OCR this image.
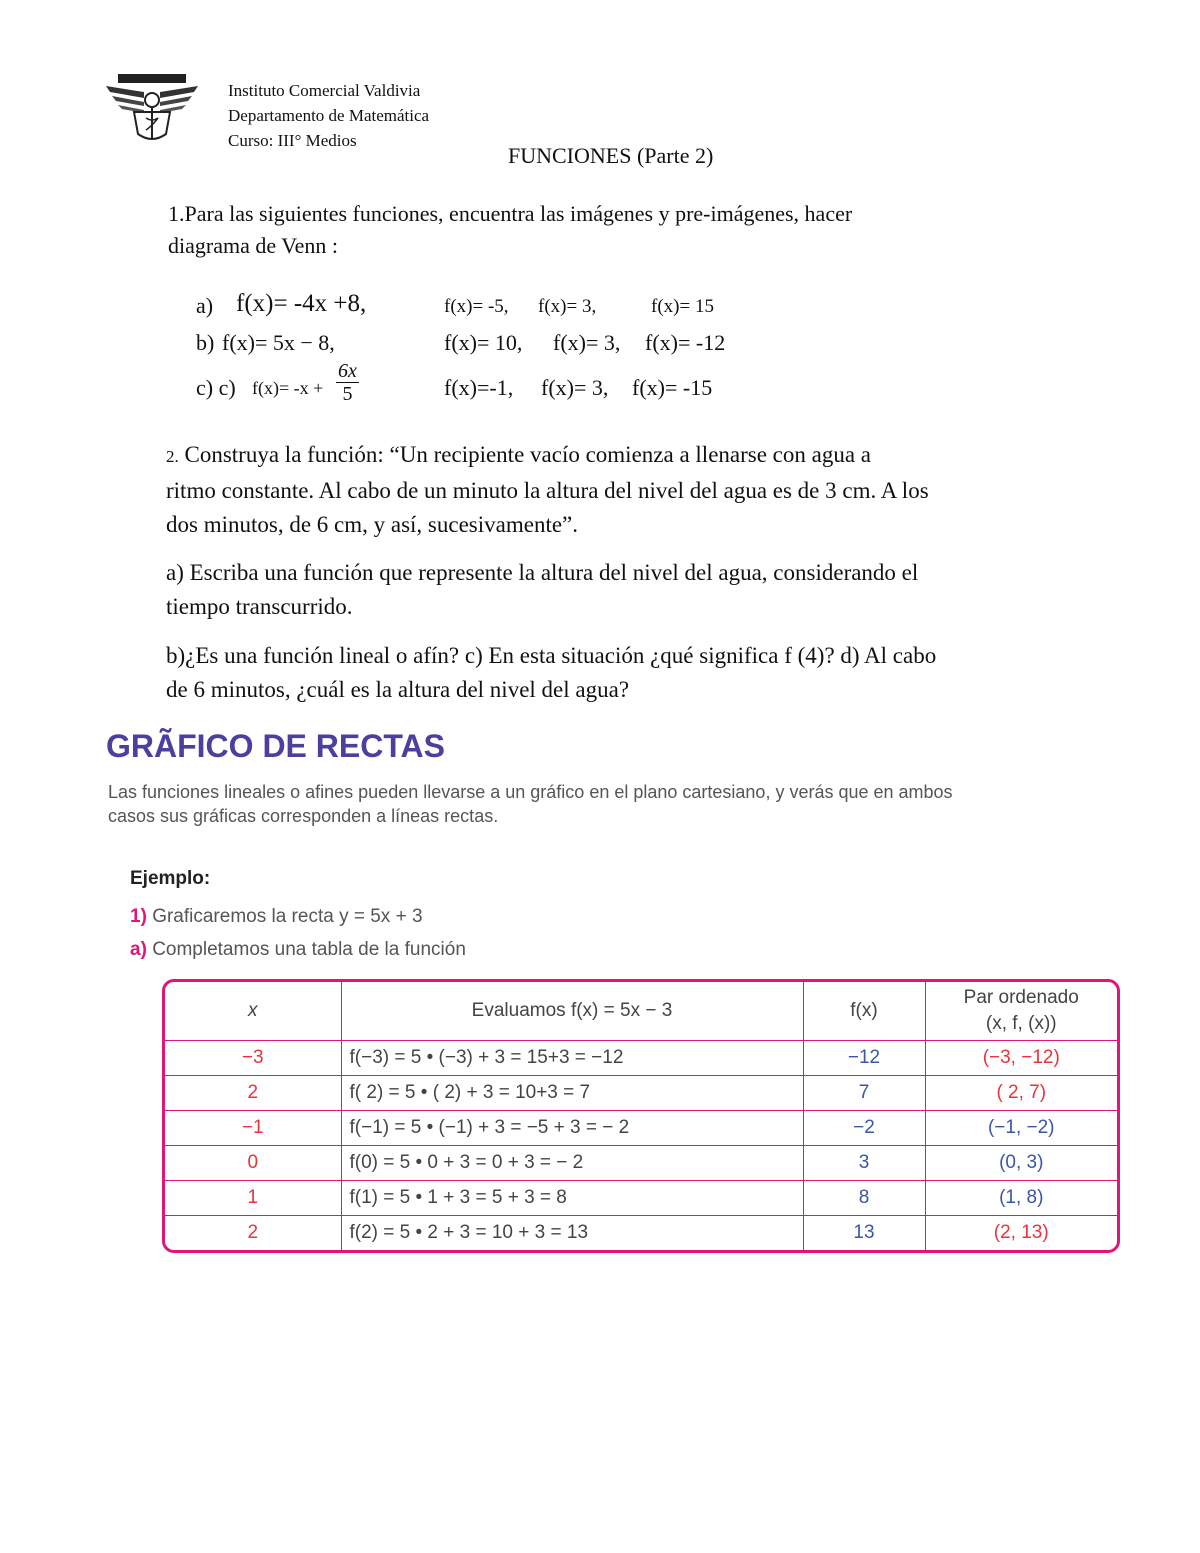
Instituto Comercial Valdivia
Departamento de Matemática
Curso: III° Medios
FUNCIONES (Parte 2)
1.Para las siguientes funciones, encuentra las imágenes y pre-imágenes, hacer
diagrama de Venn :
a) f(x)= -4x +8,	f(x)= -5, f(x)= 3,	f(x)= 15
b) f(x)= 5x − 8,	f(x)= 10, f(x)= 3, f(x)= -12
c) c) $f(x)= -x + \frac{6x}{5}$	f(x)=-1, f(x)= 3, f(x)= -15
2. Construya la función: “Un recipiente vacío comienza a llenarse con agua a
ritmo constante. Al cabo de un minuto la altura del nivel del agua es de 3 cm. A los
dos minutos, de 6 cm, y así, sucesivamente”.
a) Escriba una función que represente la altura del nivel del agua, considerando el
tiempo transcurrido.
b)¿Es una función lineal o afín? c) En esta situación ¿qué significa f (4)? d) Al cabo
de 6 minutos, ¿cuál es la altura del nivel del agua?
GRÃFICO DE RECTAS
Las funciones lineales o afines pueden llevarse a un gráfico en el plano cartesiano, y verás que en ambos
casos sus gráficas corresponden a líneas rectas.
Ejemplo:
1) Graficaremos la recta y = 5x + 3
a) Completamos una tabla de la función
x	Evaluamos f(x) = 5x − 3	f(x)	Par ordenado
(x, f, (x))

−3	f(−3) = 5 • (−3) + 3 = 15+3 = −12	−12	(−3, −12)
2	f( 2) = 5 • ( 2) + 3 = 10+3 = 7	7	( 2, 7)
−1	f(−1) = 5 • (−1) + 3 = −5 + 3 = − 2	−2	(−1, −2)
0	f(0) = 5 • 0 + 3 = 0 + 3 = − 2	3	(0, 3)
1	f(1) = 5 • 1 + 3 = 5 + 3 = 8	8	(1, 8)
2	f(2) = 5 • 2 + 3 = 10 + 3 = 13	13	(2, 13)
